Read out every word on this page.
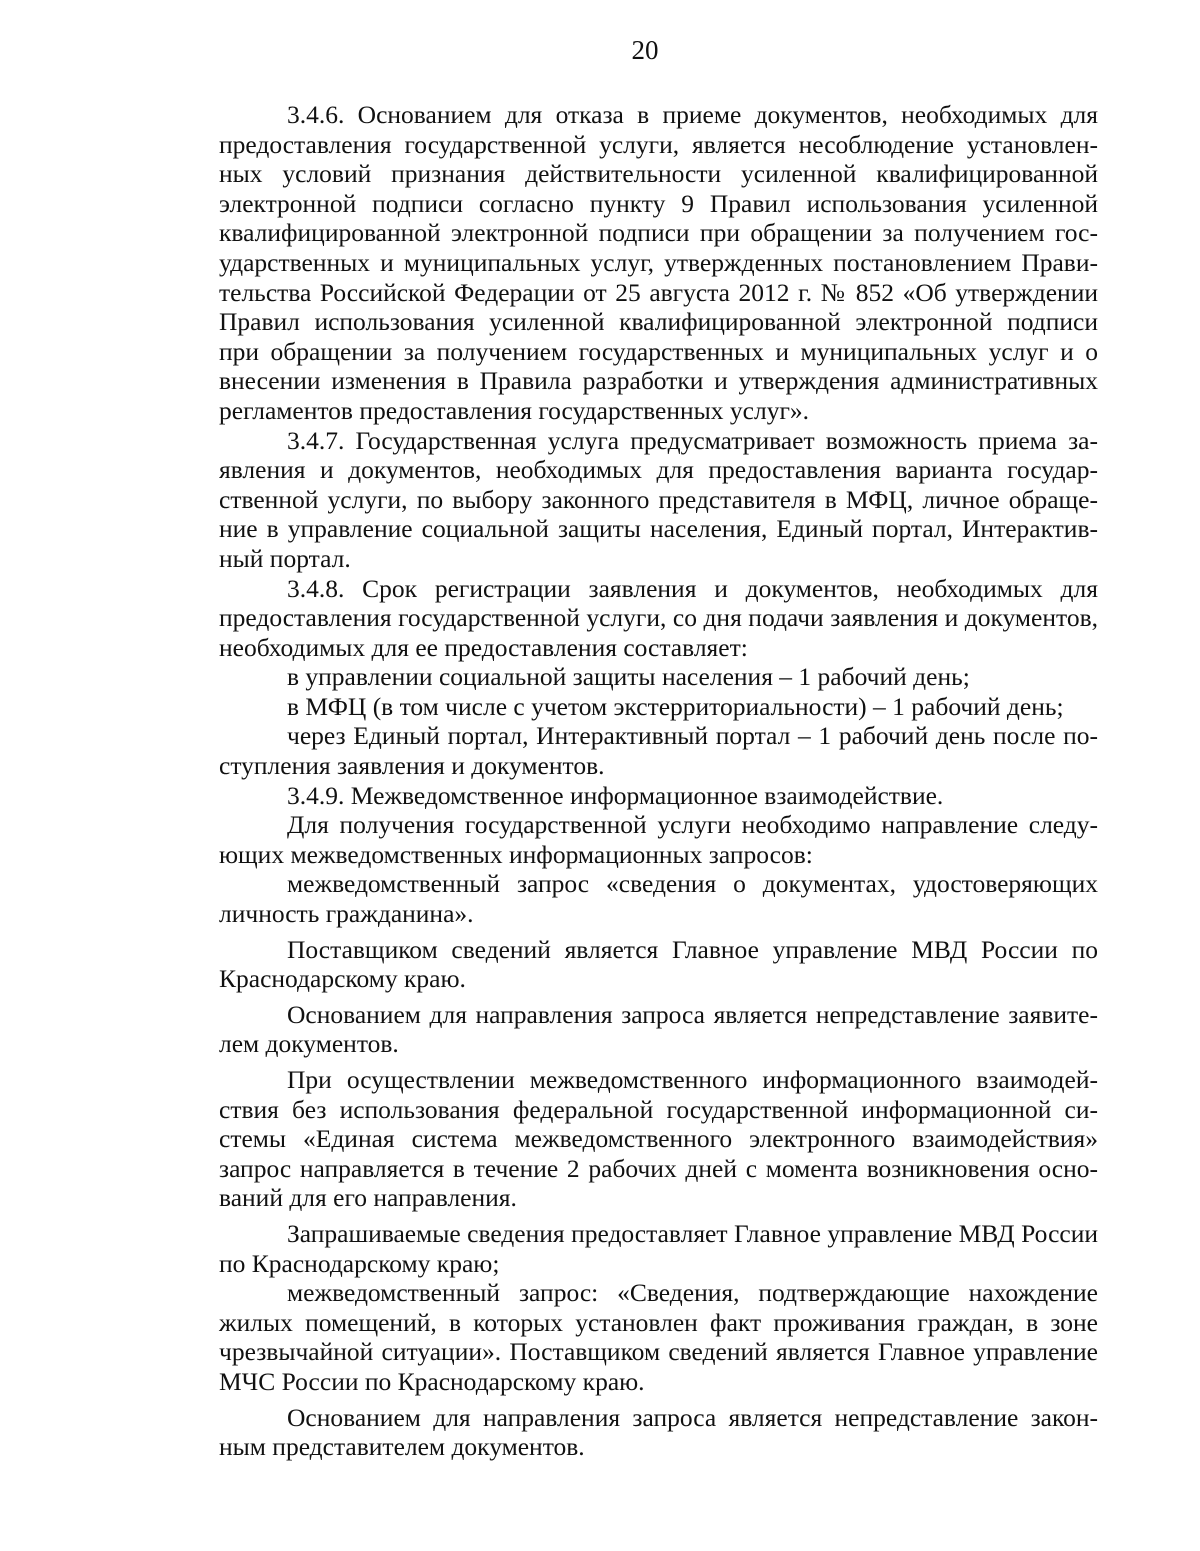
20

3.4.6. Основанием для отказа в приеме документов, необходимых для предоставления государственной услуги, является несоблюдение установленных условий признания действительности усиленной квалифицированной электронной подписи согласно пункту 9 Правил использования усиленной квалифицированной электронной подписи при обращении за получением государственных и муниципальных услуг, утвержденных постановлением Правительства Российской Федерации от 25 августа 2012 г. № 852 «Об утверждении Правил использования усиленной квалифицированной электронной подписи при обращении за получением государственных и муниципальных услуг и о внесении изменения в Правила разработки и утверждения административных регламентов предоставления государственных услуг».

3.4.7. Государственная услуга предусматривает возможность приема заявления и документов, необходимых для предоставления варианта государственной услуги, по выбору законного представителя в МФЦ, личное обращение в управление социальной защиты населения, Единый портал, Интерактивный портал.

3.4.8. Срок регистрации заявления и документов, необходимых для предоставления государственной услуги, со дня подачи заявления и документов, необходимых для ее предоставления составляет:

в управлении социальной защиты населения – 1 рабочий день;

в МФЦ (в том числе с учетом экстерриториальности) – 1 рабочий день;

через Единый портал, Интерактивный портал – 1 рабочий день после поступления заявления и документов.

3.4.9. Межведомственное информационное взаимодействие.

Для получения государственной услуги необходимо направление следующих межведомственных информационных запросов:

межведомственный запрос «сведения о документах, удостоверяющих личность гражданина».

Поставщиком сведений является Главное управление МВД России по Краснодарскому краю.

Основанием для направления запроса является непредставление заявителем документов.

При осуществлении межведомственного информационного взаимодействия без использования федеральной государственной информационной системы «Единая система межведомственного электронного взаимодействия» запрос направляется в течение 2 рабочих дней с момента возникновения оснований для его направления.

Запрашиваемые сведения предоставляет Главное управление МВД России по Краснодарскому краю;

межведомственный запрос: «Сведения, подтверждающие нахождение жилых помещений, в которых установлен факт проживания граждан, в зоне чрезвычайной ситуации». Поставщиком сведений является Главное управление МЧС России по Краснодарскому краю.

Основанием для направления запроса является непредставление законным представителем документов.
